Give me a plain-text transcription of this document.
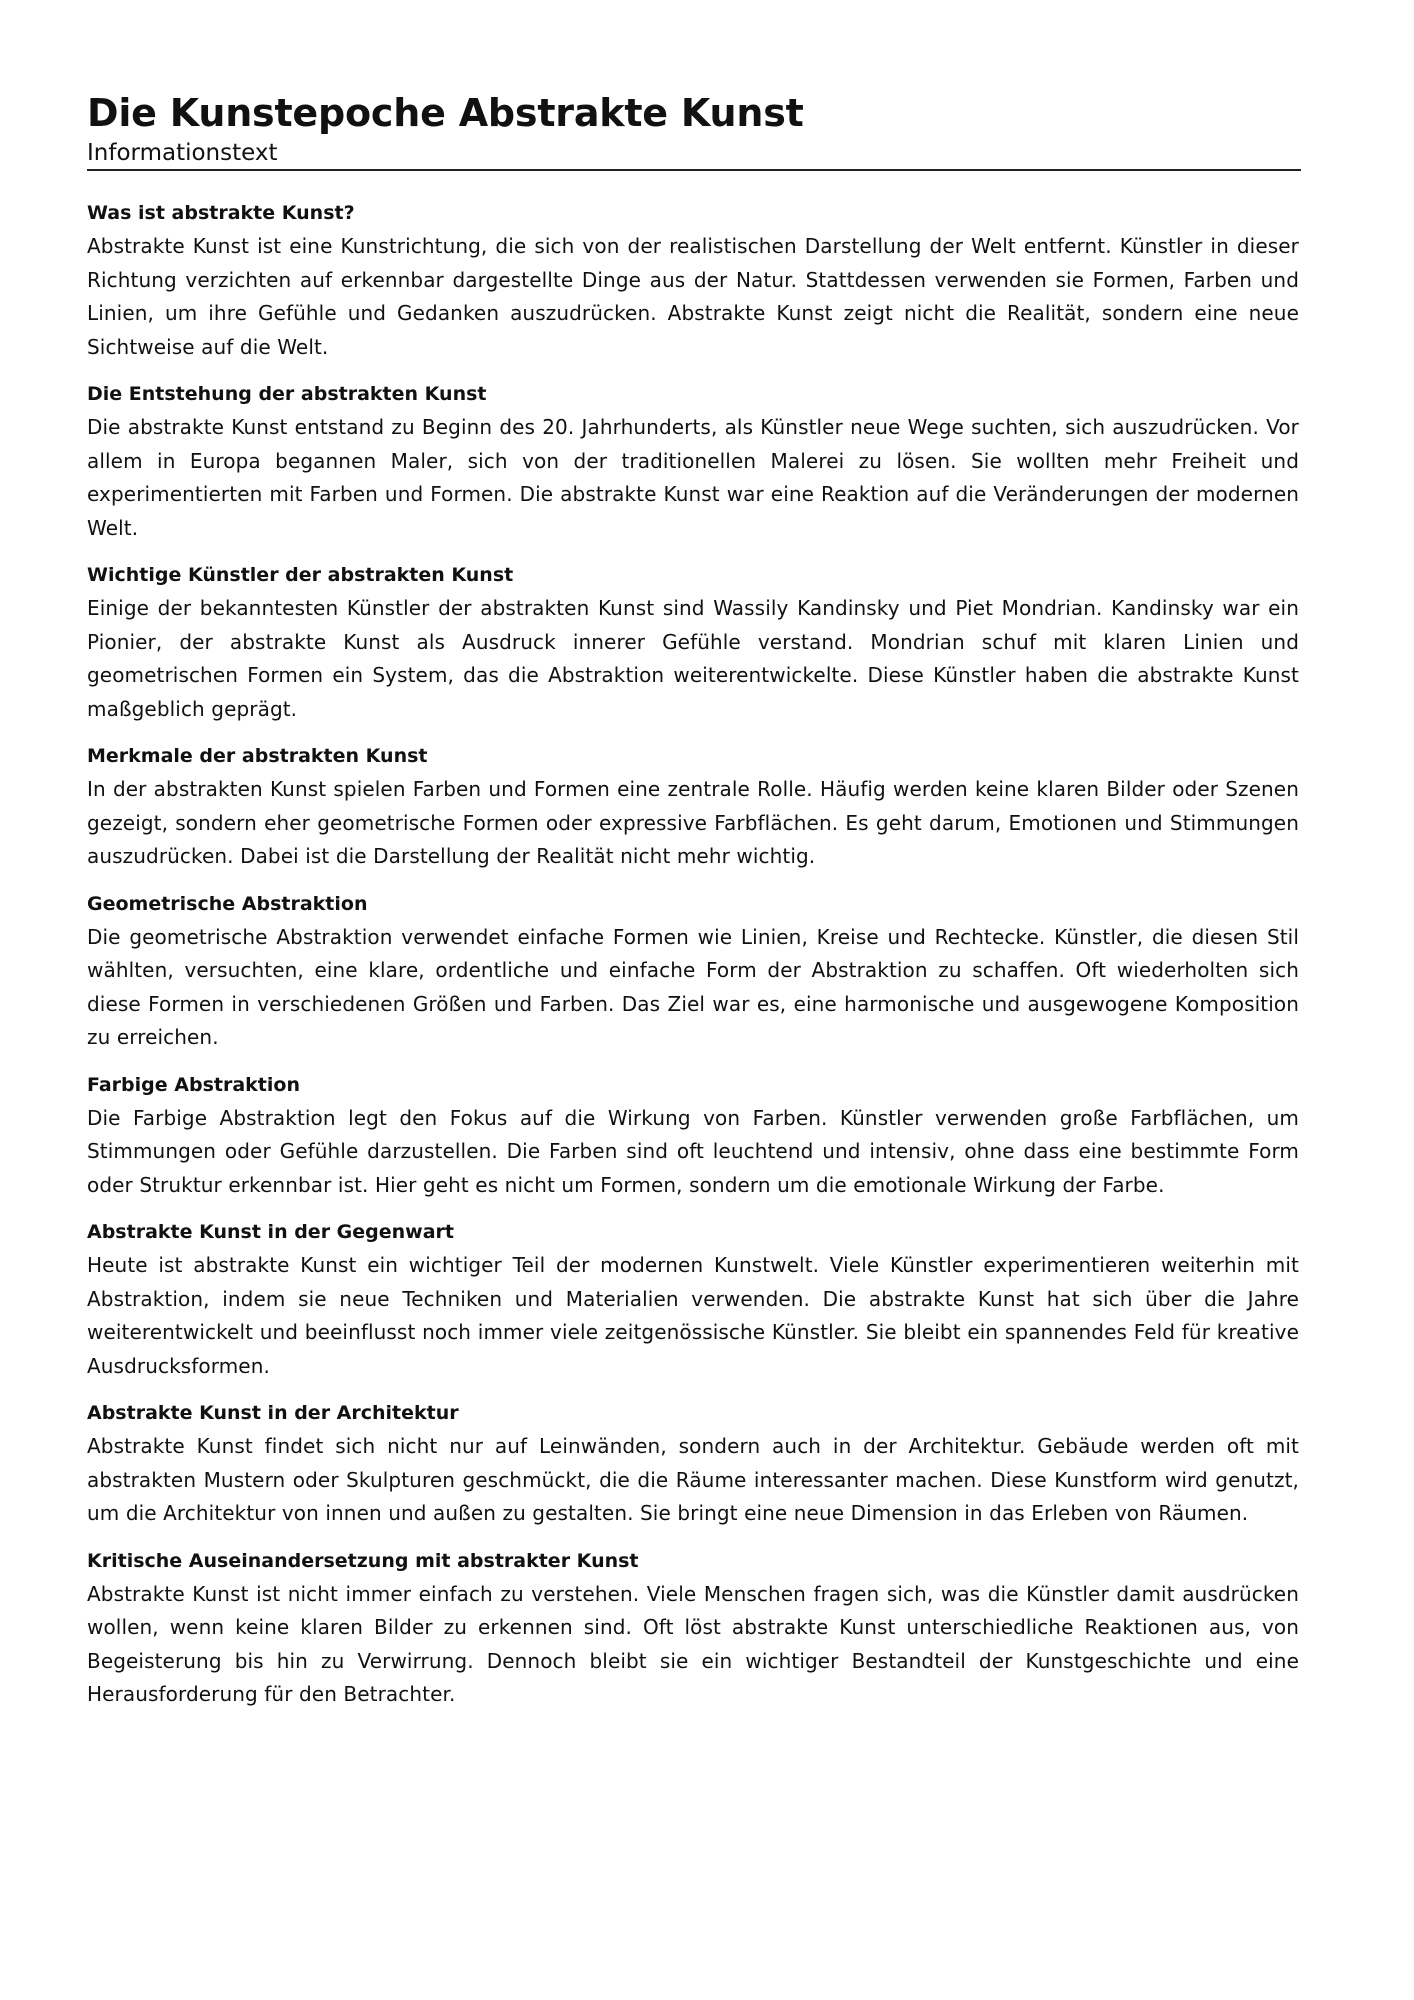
Die Kunstepoche Abstrakte Kunst
Informationstext
Was ist abstrakte Kunst?

Abstrakte Kunst ist eine Kunstrichtung, die sich von der realistischen Darstellung der Welt entfernt. Künstler in dieser Richtung verzichten auf erkennbar dargestellte Dinge aus der Natur. Stattdessen verwenden sie Formen, Farben und Linien, um ihre Gefühle und Gedanken auszudrücken. Abstrakte Kunst zeigt nicht die Realität, sondern eine neue Sichtweise auf die Welt.

Die Entstehung der abstrakten Kunst

Die abstrakte Kunst entstand zu Beginn des 20. Jahrhunderts, als Künstler neue Wege suchten, sich auszudrücken. Vor allem in Europa begannen Maler, sich von der traditionellen Malerei zu lösen. Sie wollten mehr Freiheit und experimentierten mit Farben und Formen. Die abstrakte Kunst war eine Reaktion auf die Veränderungen der modernen Welt.

Wichtige Künstler der abstrakten Kunst

Einige der bekanntesten Künstler der abstrakten Kunst sind Wassily Kandinsky und Piet Mondrian. Kandinsky war ein Pionier, der abstrakte Kunst als Ausdruck innerer Gefühle verstand. Mondrian schuf mit klaren Linien und geometrischen Formen ein System, das die Abstraktion weiterentwickelte. Diese Künstler haben die abstrakte Kunst maßgeblich geprägt.

Merkmale der abstrakten Kunst

In der abstrakten Kunst spielen Farben und Formen eine zentrale Rolle. Häufig werden keine klaren Bilder oder Szenen gezeigt, sondern eher geometrische Formen oder expressive Farbflächen. Es geht darum, Emotionen und Stimmungen auszudrücken. Dabei ist die Darstellung der Realität nicht mehr wichtig.

Geometrische Abstraktion

Die geometrische Abstraktion verwendet einfache Formen wie Linien, Kreise und Rechtecke. Künstler, die diesen Stil wählten, versuchten, eine klare, ordentliche und einfache Form der Abstraktion zu schaffen. Oft wiederholten sich diese Formen in verschiedenen Größen und Farben. Das Ziel war es, eine harmonische und ausgewogene Komposition zu erreichen.

Farbige Abstraktion

Die Farbige Abstraktion legt den Fokus auf die Wirkung von Farben. Künstler verwenden große Farbflächen, um Stimmungen oder Gefühle darzustellen. Die Farben sind oft leuchtend und intensiv, ohne dass eine bestimmte Form oder Struktur erkennbar ist. Hier geht es nicht um Formen, sondern um die emotionale Wirkung der Farbe.

Abstrakte Kunst in der Gegenwart

Heute ist abstrakte Kunst ein wichtiger Teil der modernen Kunstwelt. Viele Künstler experimentieren weiterhin mit Abstraktion, indem sie neue Techniken und Materialien verwenden. Die abstrakte Kunst hat sich über die Jahre weiterentwickelt und beeinflusst noch immer viele zeitgenössische Künstler. Sie bleibt ein spannendes Feld für kreative Ausdrucksformen.

Abstrakte Kunst in der Architektur

Abstrakte Kunst findet sich nicht nur auf Leinwänden, sondern auch in der Architektur. Gebäude werden oft mit abstrakten Mustern oder Skulpturen geschmückt, die die Räume interessanter machen. Diese Kunstform wird genutzt, um die Architektur von innen und außen zu gestalten. Sie bringt eine neue Dimension in das Erleben von Räumen.

Kritische Auseinandersetzung mit abstrakter Kunst

Abstrakte Kunst ist nicht immer einfach zu verstehen. Viele Menschen fragen sich, was die Künstler damit ausdrücken wollen, wenn keine klaren Bilder zu erkennen sind. Oft löst abstrakte Kunst unterschiedliche Reaktionen aus, von Begeisterung bis hin zu Verwirrung. Dennoch bleibt sie ein wichtiger Bestandteil der Kunstgeschichte und eine Herausforderung für den Betrachter.
